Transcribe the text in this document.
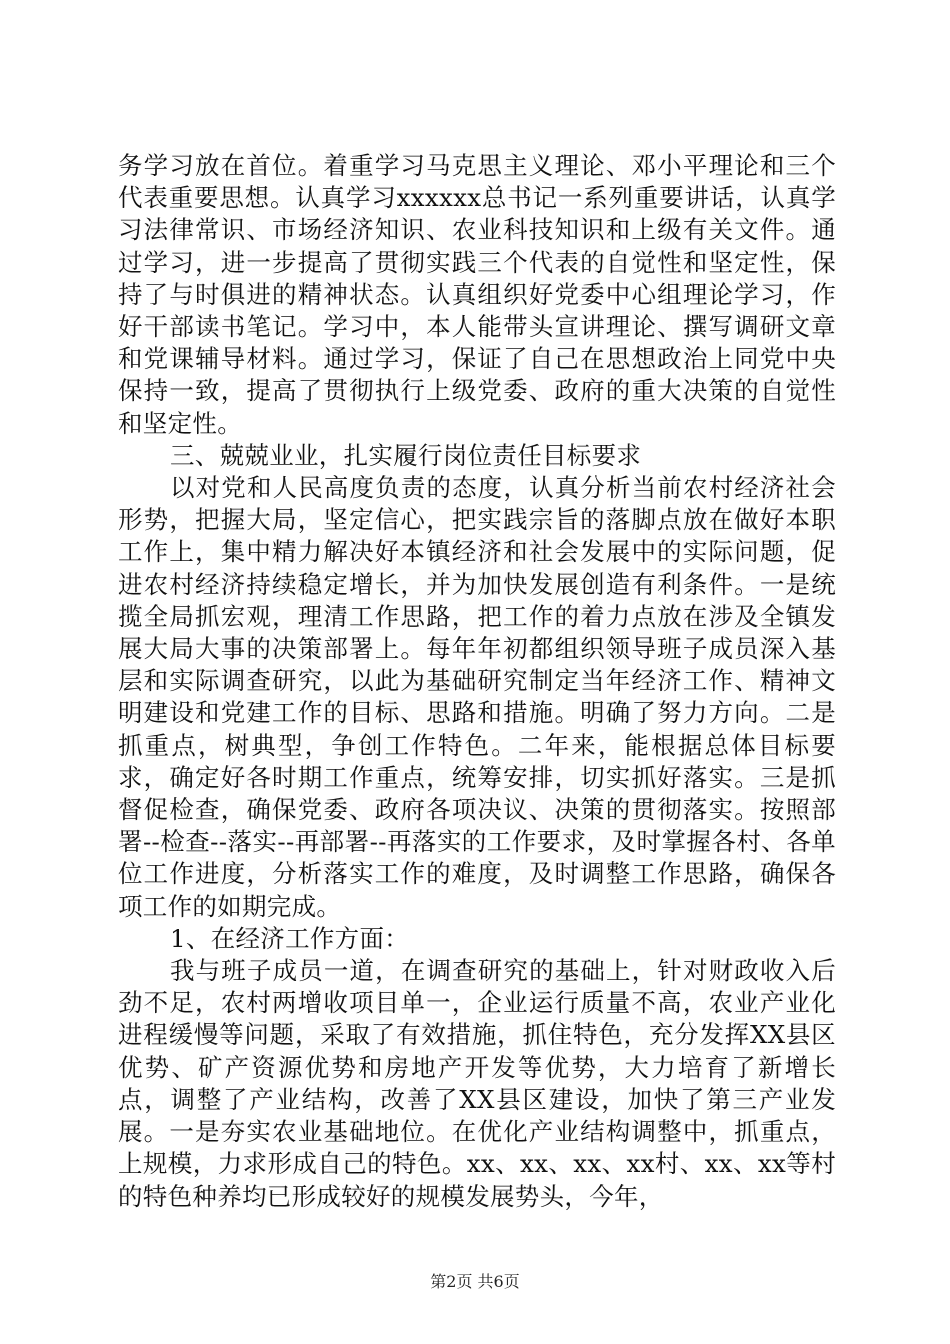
务学习放在首位。着重学习马克思主义理论、邓小平理论和三个代表重要思想。认真学习xxxxxx总书记一系列重要讲话，认真学习法律常识、市场经济知识、农业科技知识和上级有关文件。通过学习，进一步提高了贯彻实践三个代表的自觉性和坚定性，保持了与时俱进的精神状态。认真组织好党委中心组理论学习，作好干部读书笔记。学习中，本人能带头宣讲理论、撰写调研文章和党课辅导材料。通过学习，保证了自己在思想政治上同党中央保持一致，提高了贯彻执行上级党委、政府的重大决策的自觉性和坚定性。

三、兢兢业业，扎实履行岗位责任目标要求

以对党和人民高度负责的态度，认真分析当前农村经济社会形势，把握大局，坚定信心，把实践宗旨的落脚点放在做好本职工作上，集中精力解决好本镇经济和社会发展中的实际问题，促进农村经济持续稳定增长，并为加快发展创造有利条件。一是统揽全局抓宏观，理清工作思路，把工作的着力点放在涉及全镇发展大局大事的决策部署上。每年年初都组织领导班子成员深入基层和实际调查研究，以此为基础研究制定当年经济工作、精神文明建设和党建工作的目标、思路和措施。明确了努力方向。二是抓重点，树典型，争创工作特色。二年来，能根据总体目标要求，确定好各时期工作重点，统筹安排，切实抓好落实。三是抓督促检查，确保党委、政府各项决议、决策的贯彻落实。按照部署--检查--落实--再部署--再落实的工作要求，及时掌握各村、各单位工作进度，分析落实工作的难度，及时调整工作思路，确保各项工作的如期完成。

1、在经济工作方面：

我与班子成员一道，在调查研究的基础上，针对财政收入后劲不足，农村两增收项目单一，企业运行质量不高，农业产业化进程缓慢等问题，采取了有效措施，抓住特色，充分发挥XX县区优势、矿产资源优势和房地产开发等优势，大力培育了新增长点，调整了产业结构，改善了XX县区建设，加快了第三产业发展。一是夯实农业基础地位。在优化产业结构调整中，抓重点，上规模，力求形成自己的特色。xx、xx、xx、xx村、xx、xx等村的特色种养均已形成较好的规模发展势头，今年，

第2页 共6页
